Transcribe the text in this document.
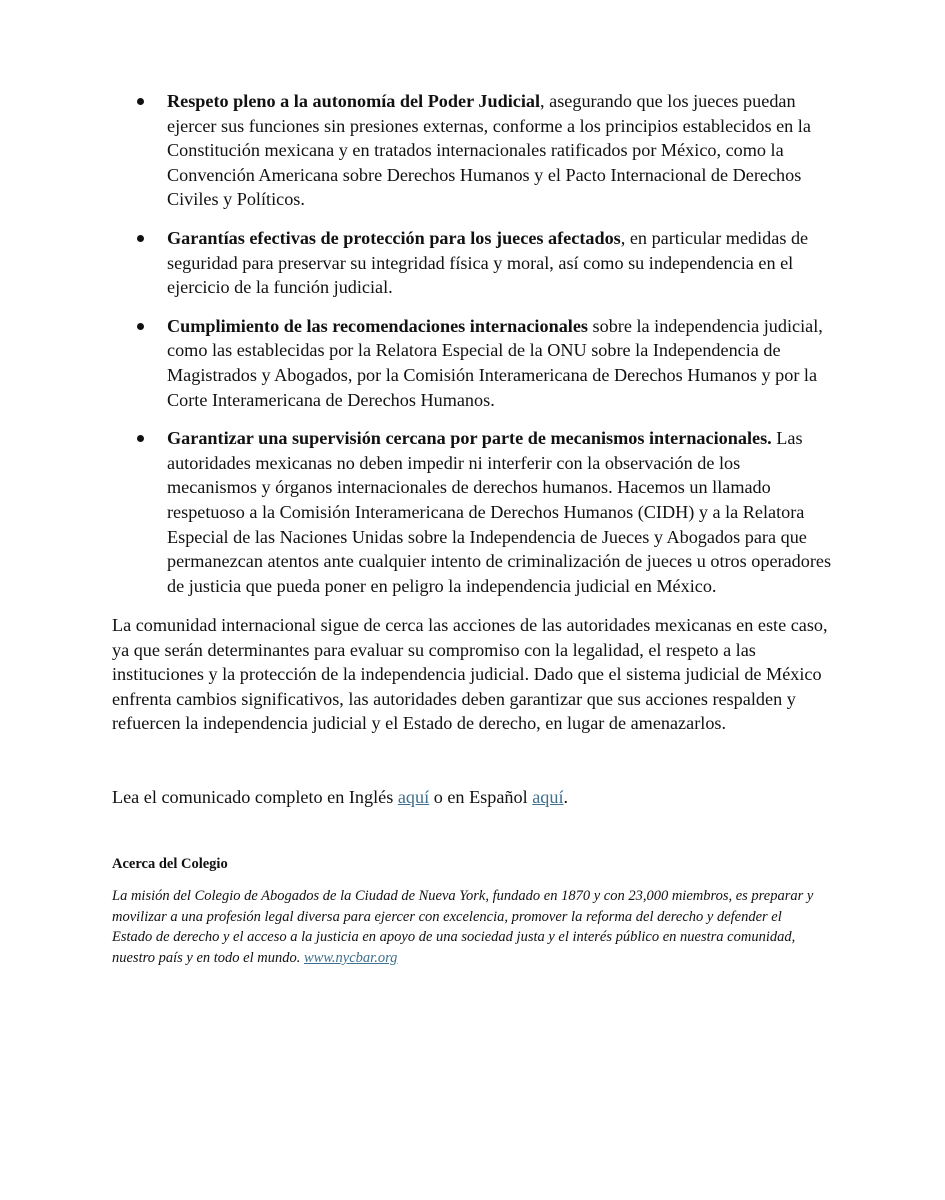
Respeto pleno a la autonomía del Poder Judicial, asegurando que los jueces puedan ejercer sus funciones sin presiones externas, conforme a los principios establecidos en la Constitución mexicana y en tratados internacionales ratificados por México, como la Convención Americana sobre Derechos Humanos y el Pacto Internacional de Derechos Civiles y Políticos.
Garantías efectivas de protección para los jueces afectados, en particular medidas de seguridad para preservar su integridad física y moral, así como su independencia en el ejercicio de la función judicial.
Cumplimiento de las recomendaciones internacionales sobre la independencia judicial, como las establecidas por la Relatora Especial de la ONU sobre la Independencia de Magistrados y Abogados, por la Comisión Interamericana de Derechos Humanos y por la Corte Interamericana de Derechos Humanos.
Garantizar una supervisión cercana por parte de mecanismos internacionales. Las autoridades mexicanas no deben impedir ni interferir con la observación de los mecanismos y órganos internacionales de derechos humanos. Hacemos un llamado respetuoso a la Comisión Interamericana de Derechos Humanos (CIDH) y a la Relatora Especial de las Naciones Unidas sobre la Independencia de Jueces y Abogados para que permanezcan atentos ante cualquier intento de criminalización de jueces u otros operadores de justicia que pueda poner en peligro la independencia judicial en México.

La comunidad internacional sigue de cerca las acciones de las autoridades mexicanas en este caso, ya que serán determinantes para evaluar su compromiso con la legalidad, el respeto a las instituciones y la protección de la independencia judicial. Dado que el sistema judicial de México enfrenta cambios significativos, las autoridades deben garantizar que sus acciones respalden y refuercen la independencia judicial y el Estado de derecho, en lugar de amenazarlos.

Lea el comunicado completo en Inglés aquí o en Español aquí.

Acerca del Colegio

La misión del Colegio de Abogados de la Ciudad de Nueva York, fundado en 1870 y con 23,000 miembros, es preparar y movilizar a una profesión legal diversa para ejercer con excelencia, promover la reforma del derecho y defender el Estado de derecho y el acceso a la justicia en apoyo de una sociedad justa y el interés público en nuestra comunidad, nuestro país y en todo el mundo. www.nycbar.org
